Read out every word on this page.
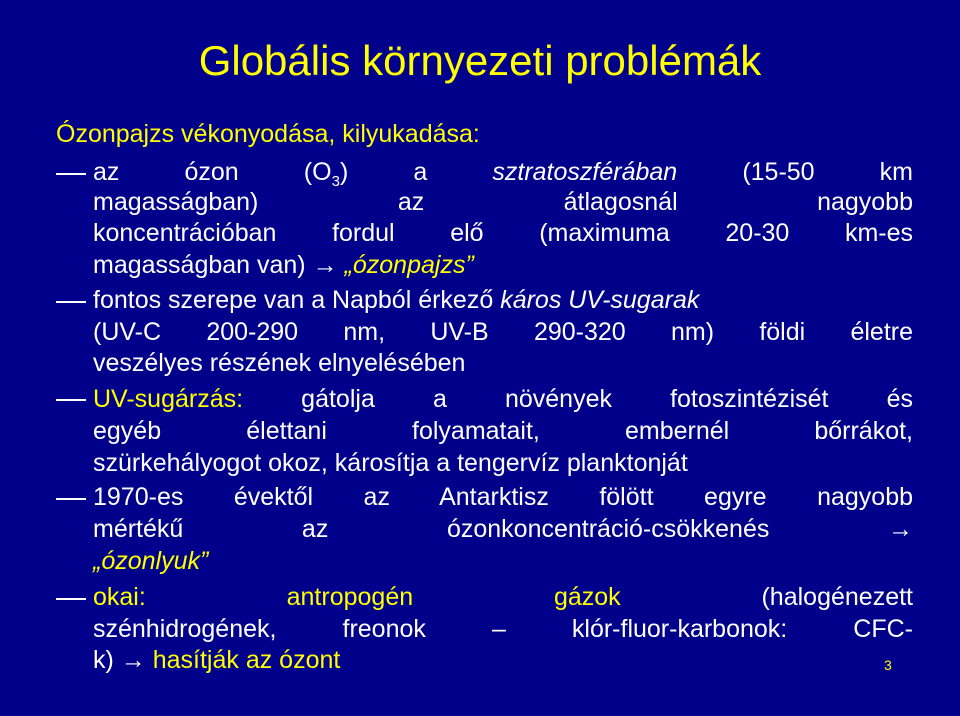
Globális környezeti problémák
Ózonpajzs vékonyodása, kilyukadása:
az ózon $(O_3)$ a	sztratoszférában	(15-50 km
magasságban) az átlagosnál nagyobb
koncentrációban fordul elő (maximuma 20-30 km-es
magasságban van) → „ózonpajzs”
fontos szerepe van a Napból érkező káros UV-sugarak
(UV-C 200-290 nm, UV-B 290-320 nm) földi életre
veszélyes részének elnyelésében
UV-sugárzás: gátolja a növények fotoszintézisét és
egyéb élettani folyamatait, embernél bőrrákot,
szürkehályogot okoz, károsítja a tengervíz planktonját
1970-es évektől az Antarktisz fölött egyre nagyobb
mértékű az ózonkoncentráció-csökkenés	→
„ózonlyuk”
okai:	antropogén	gázok	(halogénezett
szénhidrogének, freonok – klór-fluor-karbonok: CFC-
k) → hasítják az ózont	3
